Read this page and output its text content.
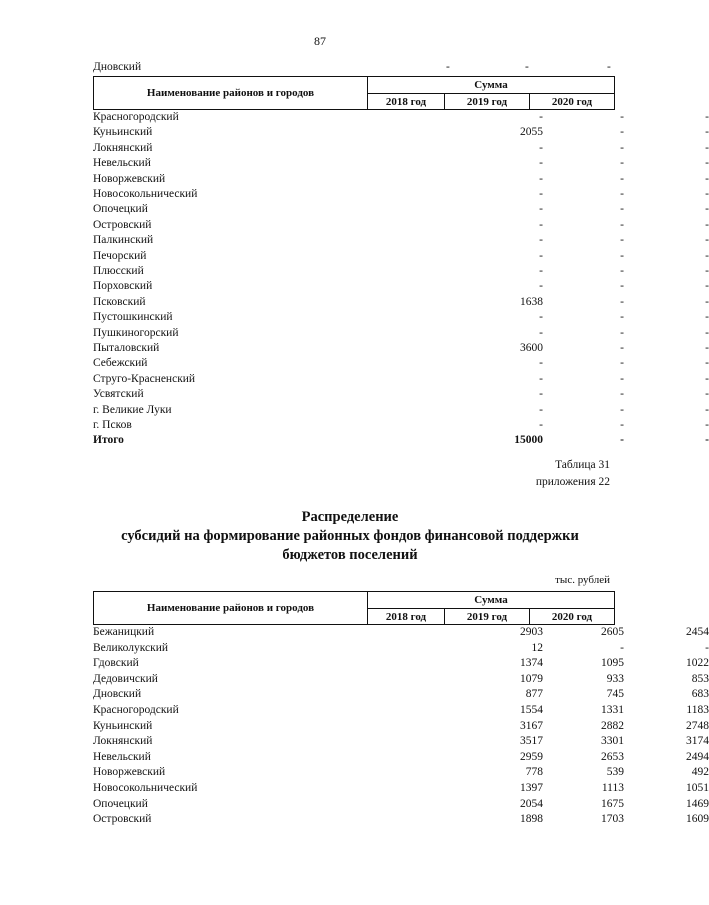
87
Дновский	-	-	-
Наименование районов и городов	Сумма		
	2018 год	2019 год	2020 год
Красногородский	-	-	-
Куньинский	2055	-	-
Локнянский	-	-	-
Невельский	-	-	-
Новоржевский	-	-	-
Новосокольнический	-	-	-
Опочецкий	-	-	-
Островский	-	-	-
Палкинский	-	-	-
Печорский	-	-	-
Плюсский	-	-	-
Порховский	-	-	-
Псковский	1638	-	-
Пустошкинский	-	-	-
Пушкиногорский	-	-	-
Пыталовский	3600	-	-
Себежский	-	-	-
Струго-Красненский	-	-	-
Усвятский	-	-	-
г. Великие Луки	-	-	-
г. Псков	-	-	-
Итого	15000	-	-
Таблица 31
приложения 22
Распределение
субсидий на формирование районных фондов финансовой поддержки
бюджетов поселений
тыс. рублей
Наименование районов и городов	Сумма		
	2018 год	2019 год	2020 год
Бежаницкий	2903	2605	2454
Великолукский	12	-	-
Гдовский	1374	1095	1022
Дедовичский	1079	933	853
Дновский	877	745	683
Красногородский	1554	1331	1183
Куньинский	3167	2882	2748
Локнянский	3517	3301	3174
Невельский	2959	2653	2494
Новоржевский	778	539	492
Новосокольнический	1397	1113	1051
Опочецкий	2054	1675	1469
Островский	1898	1703	1609
